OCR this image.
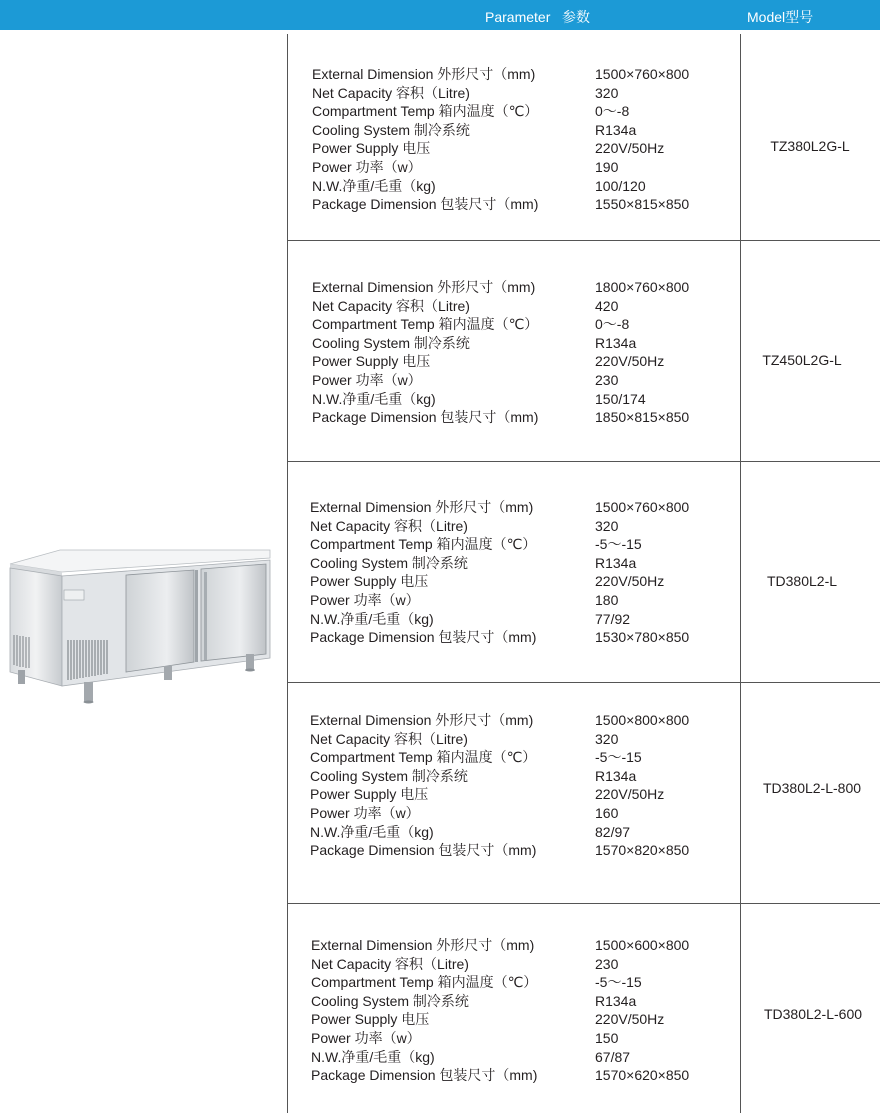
Parameter   参数	Model型号
External Dimension 外形尺寸（mm)	1500×760×800
Net Capacity 容积（Litre)	320
Compartment Temp 箱内温度（℃）	0～-8
Cooling System 制冷系统	R134a
Power Supply 电压	220V/50Hz
Power 功率（w）	190
N.W.净重/毛重（kg)	100/120
Package Dimension 包装尺寸（mm)	1550×815×850
TZ380L2G-L
External Dimension 外形尺寸（mm)	1800×760×800
Net Capacity 容积（Litre)	420
Compartment Temp 箱内温度（℃）	0～-8
Cooling System 制冷系统	R134a
Power Supply 电压	220V/50Hz
Power 功率（w）	230
N.W.净重/毛重（kg)	150/174
Package Dimension 包装尺寸（mm)	1850×815×850
TZ450L2G-L
External Dimension 外形尺寸（mm)	1500×760×800
Net Capacity 容积（Litre)	320
Compartment Temp 箱内温度（℃）	-5～-15
Cooling System 制冷系统	R134a
Power Supply 电压	220V/50Hz
Power 功率（w）	180
N.W.净重/毛重（kg)	77/92
Package Dimension 包装尺寸（mm)	1530×780×850
TD380L2-L
External Dimension 外形尺寸（mm)	1500×800×800
Net Capacity 容积（Litre)	320
Compartment Temp 箱内温度（℃）	-5～-15
Cooling System 制冷系统	R134a
Power Supply 电压	220V/50Hz
Power 功率（w）	160
N.W.净重/毛重（kg)	82/97
Package Dimension 包装尺寸（mm)	1570×820×850
TD380L2-L-800
External Dimension 外形尺寸（mm)	1500×600×800
Net Capacity 容积（Litre)	230
Compartment Temp 箱内温度（℃）	-5～-15
Cooling System 制冷系统	R134a
Power Supply 电压	220V/50Hz
Power 功率（w）	150
N.W.净重/毛重（kg)	67/87
Package Dimension 包装尺寸（mm)	1570×620×850
TD380L2-L-600
